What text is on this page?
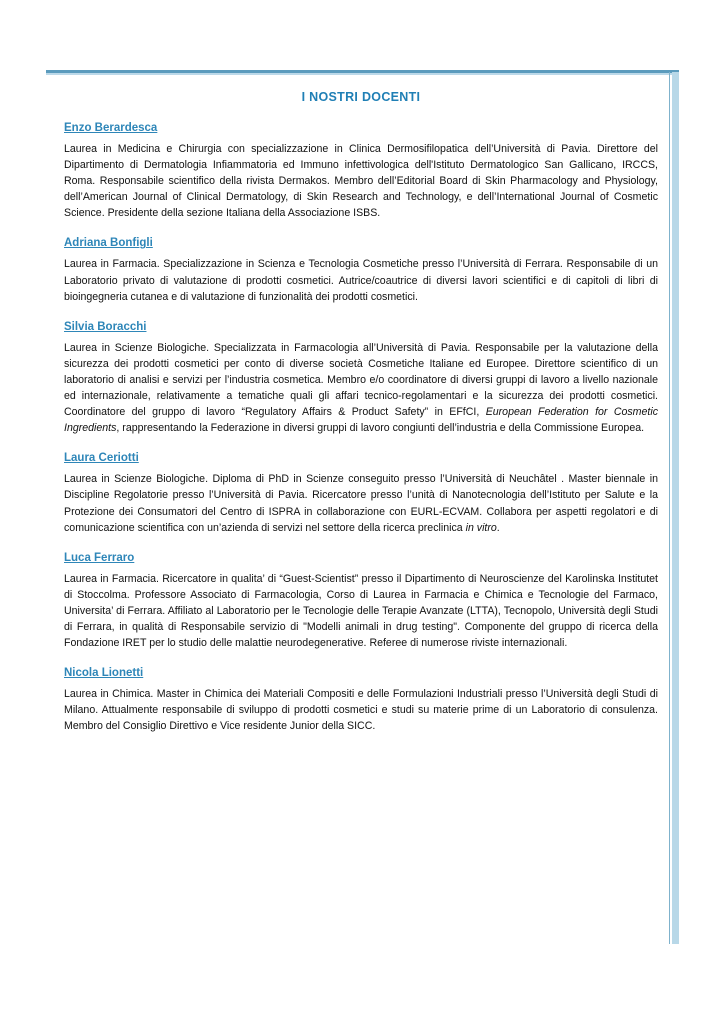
I NOSTRI DOCENTI
Enzo Berardesca
Laurea in Medicina e Chirurgia con specializzazione in Clinica Dermosifilopatica dell’Università di Pavia. Direttore del Dipartimento di Dermatologia Infiammatoria ed Immuno infettivologica dell'Istituto Dermatologico San Gallicano, IRCCS, Roma. Responsabile scientifico della rivista Dermakos. Membro dell’Editorial Board di Skin Pharmacology and Physiology, dell’American Journal of Clinical Dermatology, di Skin Research and Technology, e dell’International Journal of Cosmetic Science. Presidente della sezione Italiana della Associazione ISBS.
Adriana Bonfigli
Laurea in Farmacia. Specializzazione in Scienza e Tecnologia Cosmetiche presso l’Università di Ferrara. Responsabile di un Laboratorio privato di valutazione di prodotti cosmetici. Autrice/coautrice di diversi lavori scientifici e di capitoli di libri di bioingegneria cutanea e di valutazione di funzionalità dei prodotti cosmetici.
Silvia Boracchi
Laurea in Scienze Biologiche. Specializzata in Farmacologia all’Università di Pavia. Responsabile per la valutazione della sicurezza dei prodotti cosmetici per conto di diverse società Cosmetiche Italiane ed Europee. Direttore scientifico di un laboratorio di analisi e servizi per l’industria cosmetica. Membro e/o coordinatore di diversi gruppi di lavoro a livello nazionale ed internazionale, relativamente a tematiche quali gli affari tecnico-regolamentari e la sicurezza dei prodotti cosmetici. Coordinatore del gruppo di lavoro “Regulatory Affairs & Product Safety” in EFfCI, European Federation for Cosmetic Ingredients, rappresentando la Federazione in diversi gruppi di lavoro congiunti dell’industria e della Commissione Europea.
Laura Ceriotti
Laurea in Scienze Biologiche. Diploma di PhD in Scienze conseguito presso l’Università di Neuchâtel . Master biennale in Discipline Regolatorie presso l’Università di Pavia. Ricercatore presso l’unità di Nanotecnologia dell’Istituto per Salute e la Protezione dei Consumatori del Centro di ISPRA in collaborazione con EURL-ECVAM. Collabora per aspetti regolatori e di comunicazione scientifica con un’azienda di servizi nel settore della ricerca preclinica in vitro.
Luca Ferraro
Laurea in Farmacia. Ricercatore in qualita’ di “Guest-Scientist” presso il Dipartimento di Neuroscienze del Karolinska Institutet di Stoccolma. Professore Associato di Farmacologia, Corso di Laurea in Farmacia e Chimica e Tecnologie del Farmaco, Universita’ di Ferrara. Affiliato al Laboratorio per le Tecnologie delle Terapie Avanzate (LTTA), Tecnopolo, Università degli Studi di Ferrara, in qualità di Responsabile servizio di "Modelli animali in drug testing". Componente del gruppo di ricerca della Fondazione IRET per lo studio delle malattie neurodegenerative. Referee di numerose riviste internazionali.
Nicola Lionetti
Laurea in Chimica. Master in Chimica dei Materiali Compositi e delle Formulazioni Industriali presso l’Università degli Studi di Milano. Attualmente responsabile di sviluppo di prodotti cosmetici e studi su materie prime di un Laboratorio di consulenza. Membro del Consiglio Direttivo e Vice residente Junior della SICC.
